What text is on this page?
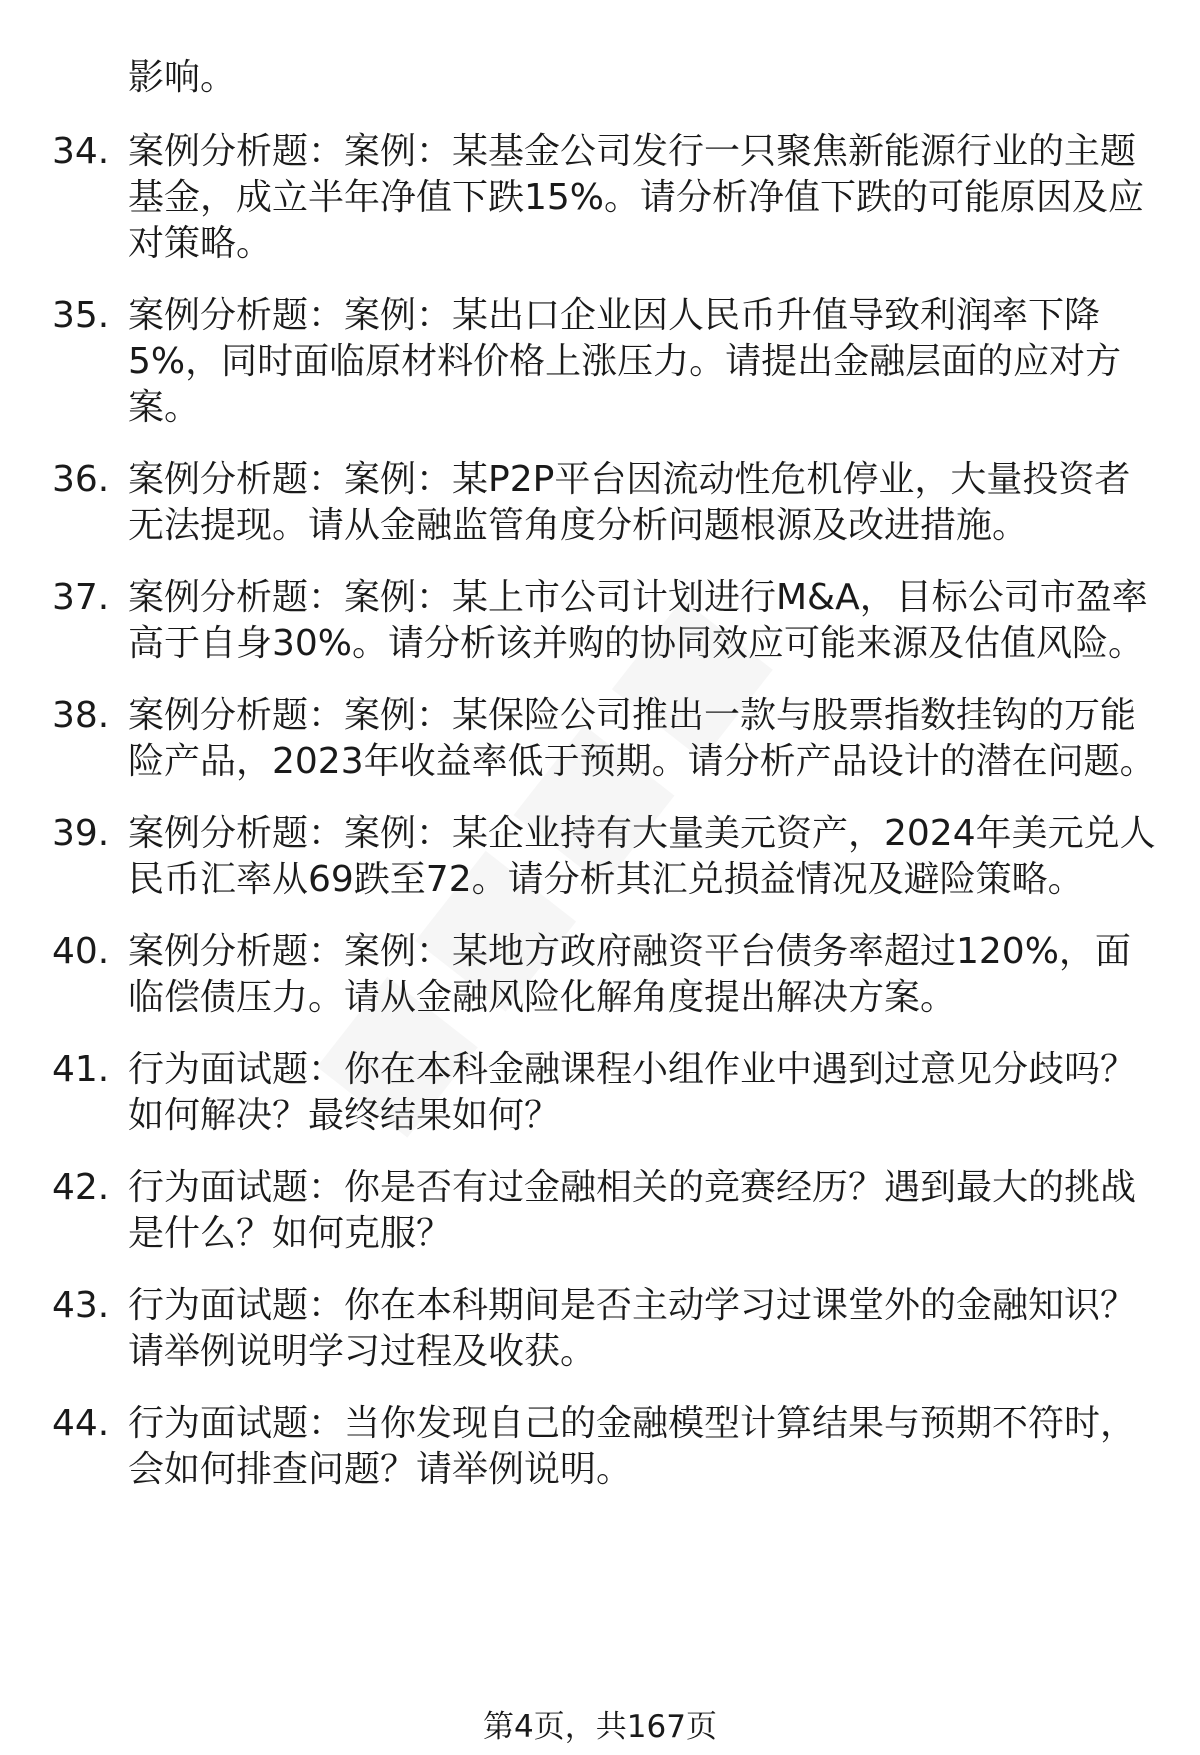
影响。
34. 案例分析题：案例：某基金公司发行一只聚焦新能源行业的主题基金，成立半年净值下跌15%。请分析净值下跌的可能原因及应对策略。
35. 案例分析题：案例：某出口企业因人民币升值导致利润率下降5%，同时面临原材料价格上涨压力。请提出金融层面的应对方案。
36. 案例分析题：案例：某P2P平台因流动性危机停业，大量投资者无法提现。请从金融监管角度分析问题根源及改进措施。
37. 案例分析题：案例：某上市公司计划进行M&A，目标公司市盈率高于自身30%。请分析该并购的协同效应可能来源及估值风险。
38. 案例分析题：案例：某保险公司推出一款与股票指数挂钩的万能险产品，2023年收益率低于预期。请分析产品设计的潜在问题。
39. 案例分析题：案例：某企业持有大量美元资产，2024年美元兑人民币汇率从69跌至72。请分析其汇兑损益情况及避险策略。
40. 案例分析题：案例：某地方政府融资平台债务率超过120%，面临偿债压力。请从金融风险化解角度提出解决方案。
41. 行为面试题：你在本科金融课程小组作业中遇到过意见分歧吗？如何解决？最终结果如何？
42. 行为面试题：你是否有过金融相关的竞赛经历？遇到最大的挑战是什么？如何克服？
43. 行为面试题：你在本科期间是否主动学习过课堂外的金融知识？请举例说明学习过程及收获。
44. 行为面试题：当你发现自己的金融模型计算结果与预期不符时，会如何排查问题？请举例说明。
第4页，共167页
